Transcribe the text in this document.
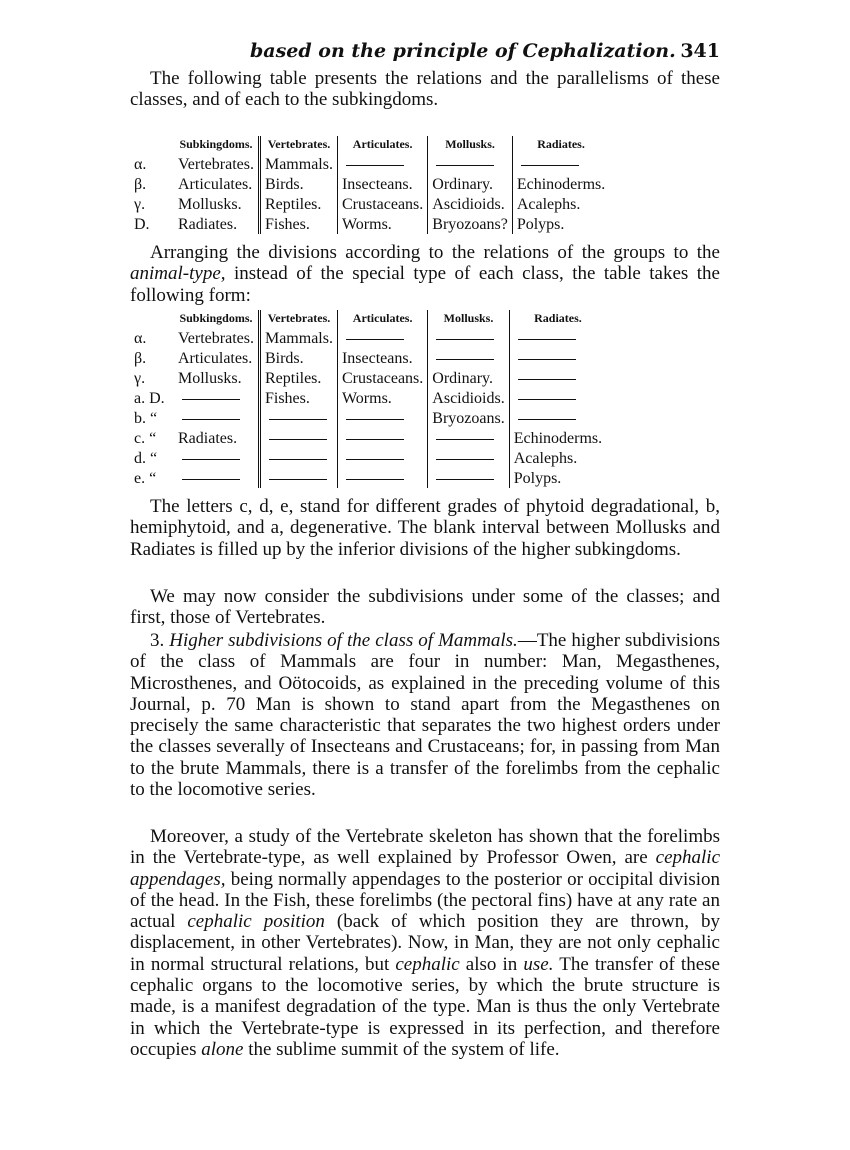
based on the principle of Cephalization. 341

The following table presents the relations and the parallelisms of these classes, and of each to the subkingdoms.

	Subkingdoms.	Vertebrates.	Articulates.	Mollusks.	Radiates.
α.	Vertebrates.	Mammals.			
β.	Articulates.	Birds.	Insecteans.	Ordinary.	Echinoderms.
γ.	Mollusks.	Reptiles.	Crustaceans.	Ascidioids.	Acalephs.
D.	Radiates.	Fishes.	Worms.	Bryozoans?	Polyps.

Arranging the divisions according to the relations of the groups to the animal-type, instead of the special type of each class, the table takes the following form:

	Subkingdoms.	Vertebrates.	Articulates.	Mollusks.	Radiates.
α.	Vertebrates.	Mammals.			
β.	Articulates.	Birds.	Insecteans.		
γ.	Mollusks.	Reptiles.	Crustaceans.	Ordinary.	
a. D.		Fishes.	Worms.	Ascidioids.	
b. “				Bryozoans.	
c. “	Radiates.				Echinoderms.
d. “					Acalephs.
e. “					Polyps.

The letters c, d, e, stand for different grades of phytoid degradational, b, hemiphytoid, and a, degenerative. The blank interval between Mollusks and Radiates is filled up by the inferior divisions of the higher subkingdoms.

We may now consider the subdivisions under some of the classes; and first, those of Vertebrates.

3. Higher subdivisions of the class of Mammals.—The higher subdivisions of the class of Mammals are four in number: Man, Megasthenes, Microsthenes, and Oötocoids, as explained in the preceding volume of this Journal, p. 70 Man is shown to stand apart from the Megasthenes on precisely the same characteristic that separates the two highest orders under the classes severally of Insecteans and Crustaceans; for, in passing from Man to the brute Mammals, there is a transfer of the forelimbs from the cephalic to the locomotive series.

Moreover, a study of the Vertebrate skeleton has shown that the forelimbs in the Vertebrate-type, as well explained by Professor Owen, are cephalic appendages, being normally appendages to the posterior or occipital division of the head. In the Fish, these forelimbs (the pectoral fins) have at any rate an actual cephalic position (back of which position they are thrown, by displacement, in other Vertebrates). Now, in Man, they are not only cephalic in normal structural relations, but cephalic also in use. The transfer of these cephalic organs to the locomotive series, by which the brute structure is made, is a manifest degradation of the type. Man is thus the only Vertebrate in which the Vertebrate-type is expressed in its perfection, and therefore occupies alone the sublime summit of the system of life.
